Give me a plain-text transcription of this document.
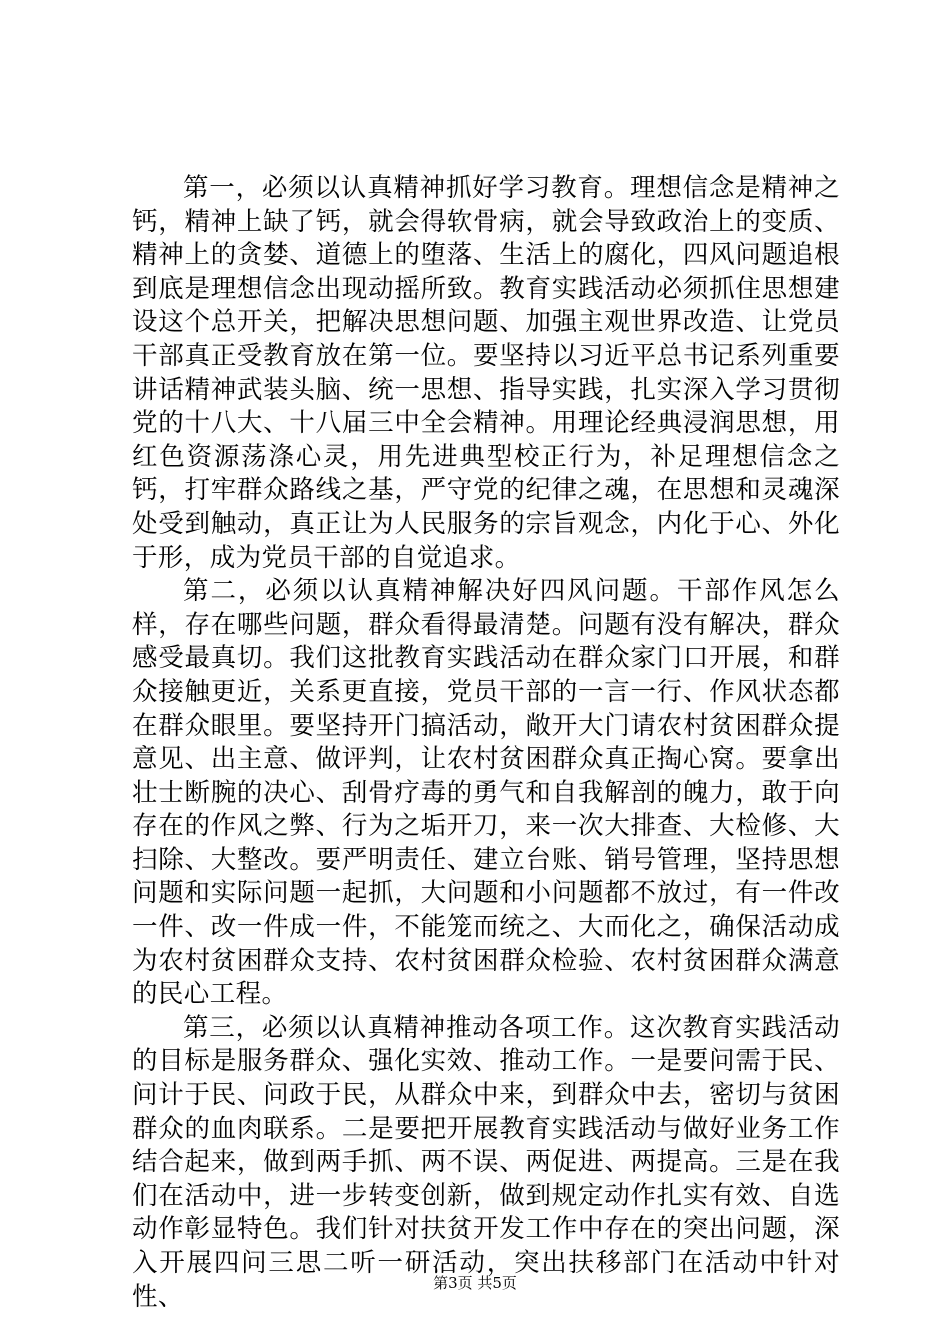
第一，必须以认真精神抓好学习教育。理想信念是精神之钙，精神上缺了钙，就会得软骨病，就会导致政治上的变质、精神上的贪婪、道德上的堕落、生活上的腐化，四风问题追根到底是理想信念出现动摇所致。教育实践活动必须抓住思想建设这个总开关，把解决思想问题、加强主观世界改造、让党员干部真正受教育放在第一位。要坚持以习近平总书记系列重要讲话精神武装头脑、统一思想、指导实践，扎实深入学习贯彻党的十八大、十八届三中全会精神。用理论经典浸润思想，用红色资源荡涤心灵，用先进典型校正行为，补足理想信念之钙，打牢群众路线之基，严守党的纪律之魂，在思想和灵魂深处受到触动，真正让为人民服务的宗旨观念，内化于心、外化于形，成为党员干部的自觉追求。

第二，必须以认真精神解决好四风问题。干部作风怎么样，存在哪些问题，群众看得最清楚。问题有没有解决，群众感受最真切。我们这批教育实践活动在群众家门口开展，和群众接触更近，关系更直接，党员干部的一言一行、作风状态都在群众眼里。要坚持开门搞活动，敞开大门请农村贫困群众提意见、出主意、做评判，让农村贫困群众真正掏心窝。要拿出壮士断腕的决心、刮骨疗毒的勇气和自我解剖的魄力，敢于向存在的作风之弊、行为之垢开刀，来一次大排查、大检修、大扫除、大整改。要严明责任、建立台账、销号管理，坚持思想问题和实际问题一起抓，大问题和小问题都不放过，有一件改一件、改一件成一件，不能笼而统之、大而化之，确保活动成为农村贫困群众支持、农村贫困群众检验、农村贫困群众满意的民心工程。

第三，必须以认真精神推动各项工作。这次教育实践活动的目标是服务群众、强化实效、推动工作。一是要问需于民、问计于民、问政于民，从群众中来，到群众中去，密切与贫困群众的血肉联系。二是要把开展教育实践活动与做好业务工作结合起来，做到两手抓、两不误、两促进、两提高。三是在我们在活动中，进一步转变创新，做到规定动作扎实有效、自选动作彰显特色。我们针对扶贫开发工作中存在的突出问题，深入开展四问三思二听一研活动，突出扶移部门在活动中针对性、	第3页 共5页
